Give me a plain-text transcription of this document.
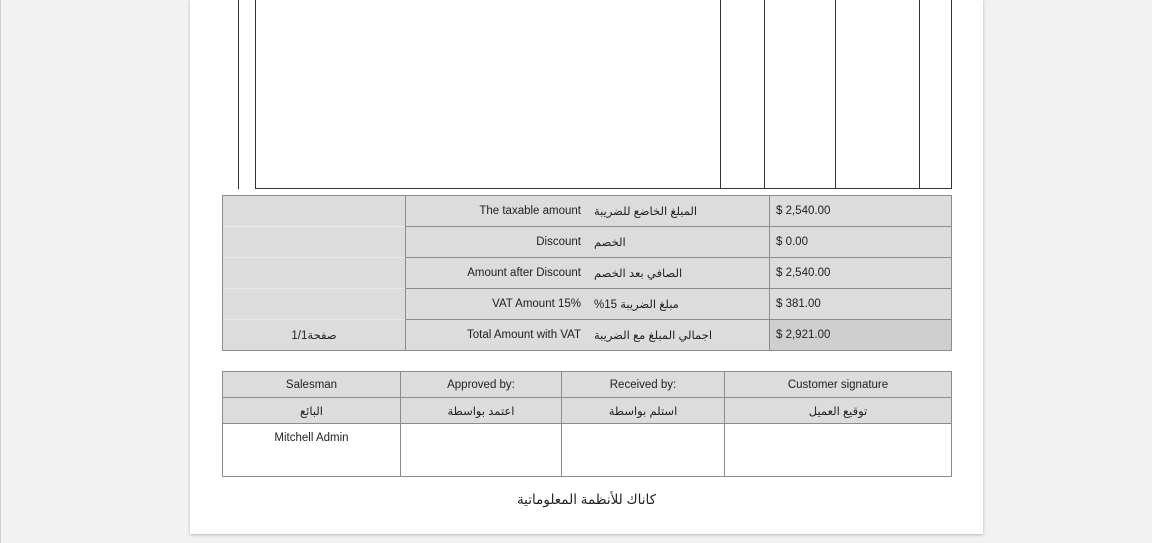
	The taxable amount المبلغ الخاضع للضريبة	$ 2,540.00

	Discount الخصم	$ 0.00

	Amount after Discount الصافي بعد الخصم	$ 2,540.00

	VAT Amount 15% مبلغ الضريبة 15%	$ 381.00
صفحة1/1	Total Amount with VAT اجمالي المبلغ مع الضريبة	$ 2,921.00
Salesman	Approved by:	Received by:	Customer signature
البائع	اعتمد بواسطة	استلم بواسطة	توقيع العميل
Mitchell Admin			
كاناك للأنظمة المعلوماتية
